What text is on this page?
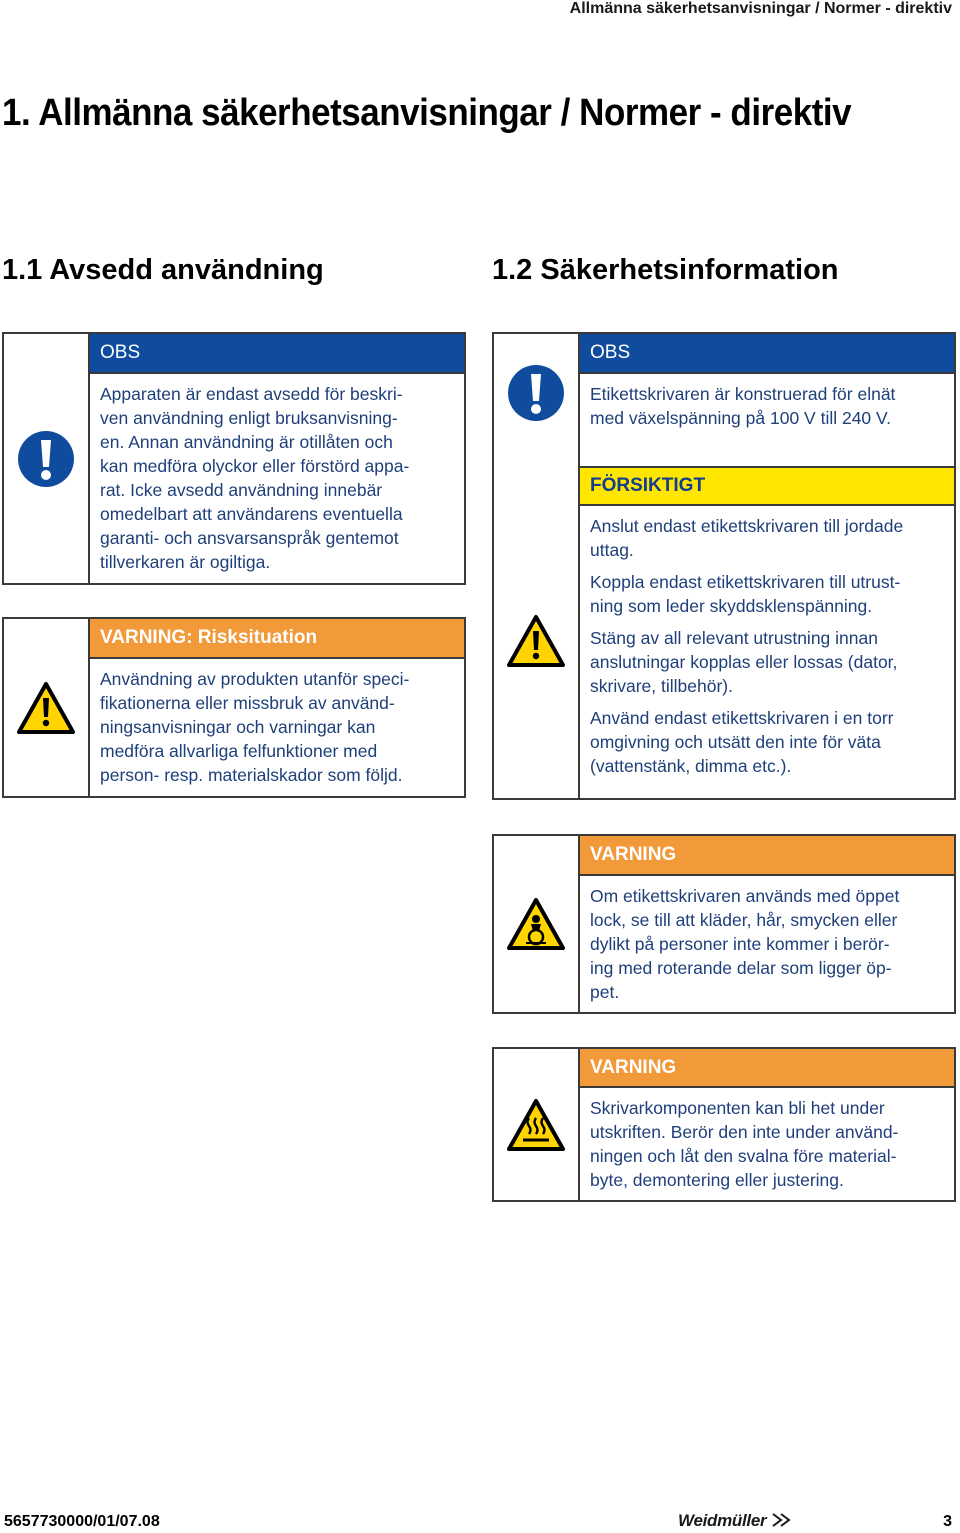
Allmänna säkerhetsanvisningar / Normer - direktiv
1. Allmänna säkerhetsanvisningar / Normer - direktiv
1.1 Avsedd användning	1.2 Säkerhetsinformation
OBS
Apparaten är endast avsedd för beskri-
ven användning enligt bruksanvisning-
en. Annan användning är otillåten och
kan medföra olyckor eller förstörd appa-
rat. Icke avsedd användning innebär
omedelbart att användarens eventuella
garanti- och ansvarsanspråk gentemot
tillverkaren är ogiltiga.
VARNING: Risksituation
Användning av produkten utanför speci-
fikationerna eller missbruk av använd-
ningsanvisningar och varningar kan
medföra allvarliga felfunktioner med
person- resp. materialskador som följd.
OBS
Etikettskrivaren är konstruerad för elnät
med växelspänning på 100 V till 240 V.
FÖRSIKTIGT

Anslut endast etikettskrivaren till jordade
uttag.

Koppla endast etikettskrivaren till utrust-
ning som leder skyddsklenspänning.

Stäng av all relevant utrustning innan
anslutningar kopplas eller lossas (dator,
skrivare, tillbehör).

Använd endast etikettskrivaren i en torr
omgivning och utsätt den inte för väta
(vattenstänk, dimma etc.).

VARNING
Om etikettskrivaren används med öppet
lock, se till att kläder, hår, smycken eller
dylikt på personer inte kommer i berör-
ing med roterande delar som ligger öp-
pet.
VARNING
Skrivarkomponenten kan bli het under
utskriften. Berör den inte under använd-
ningen och låt den svalna före material-
byte, demontering eller justering.
5657730000/01/07.08	Weidmüller	3
